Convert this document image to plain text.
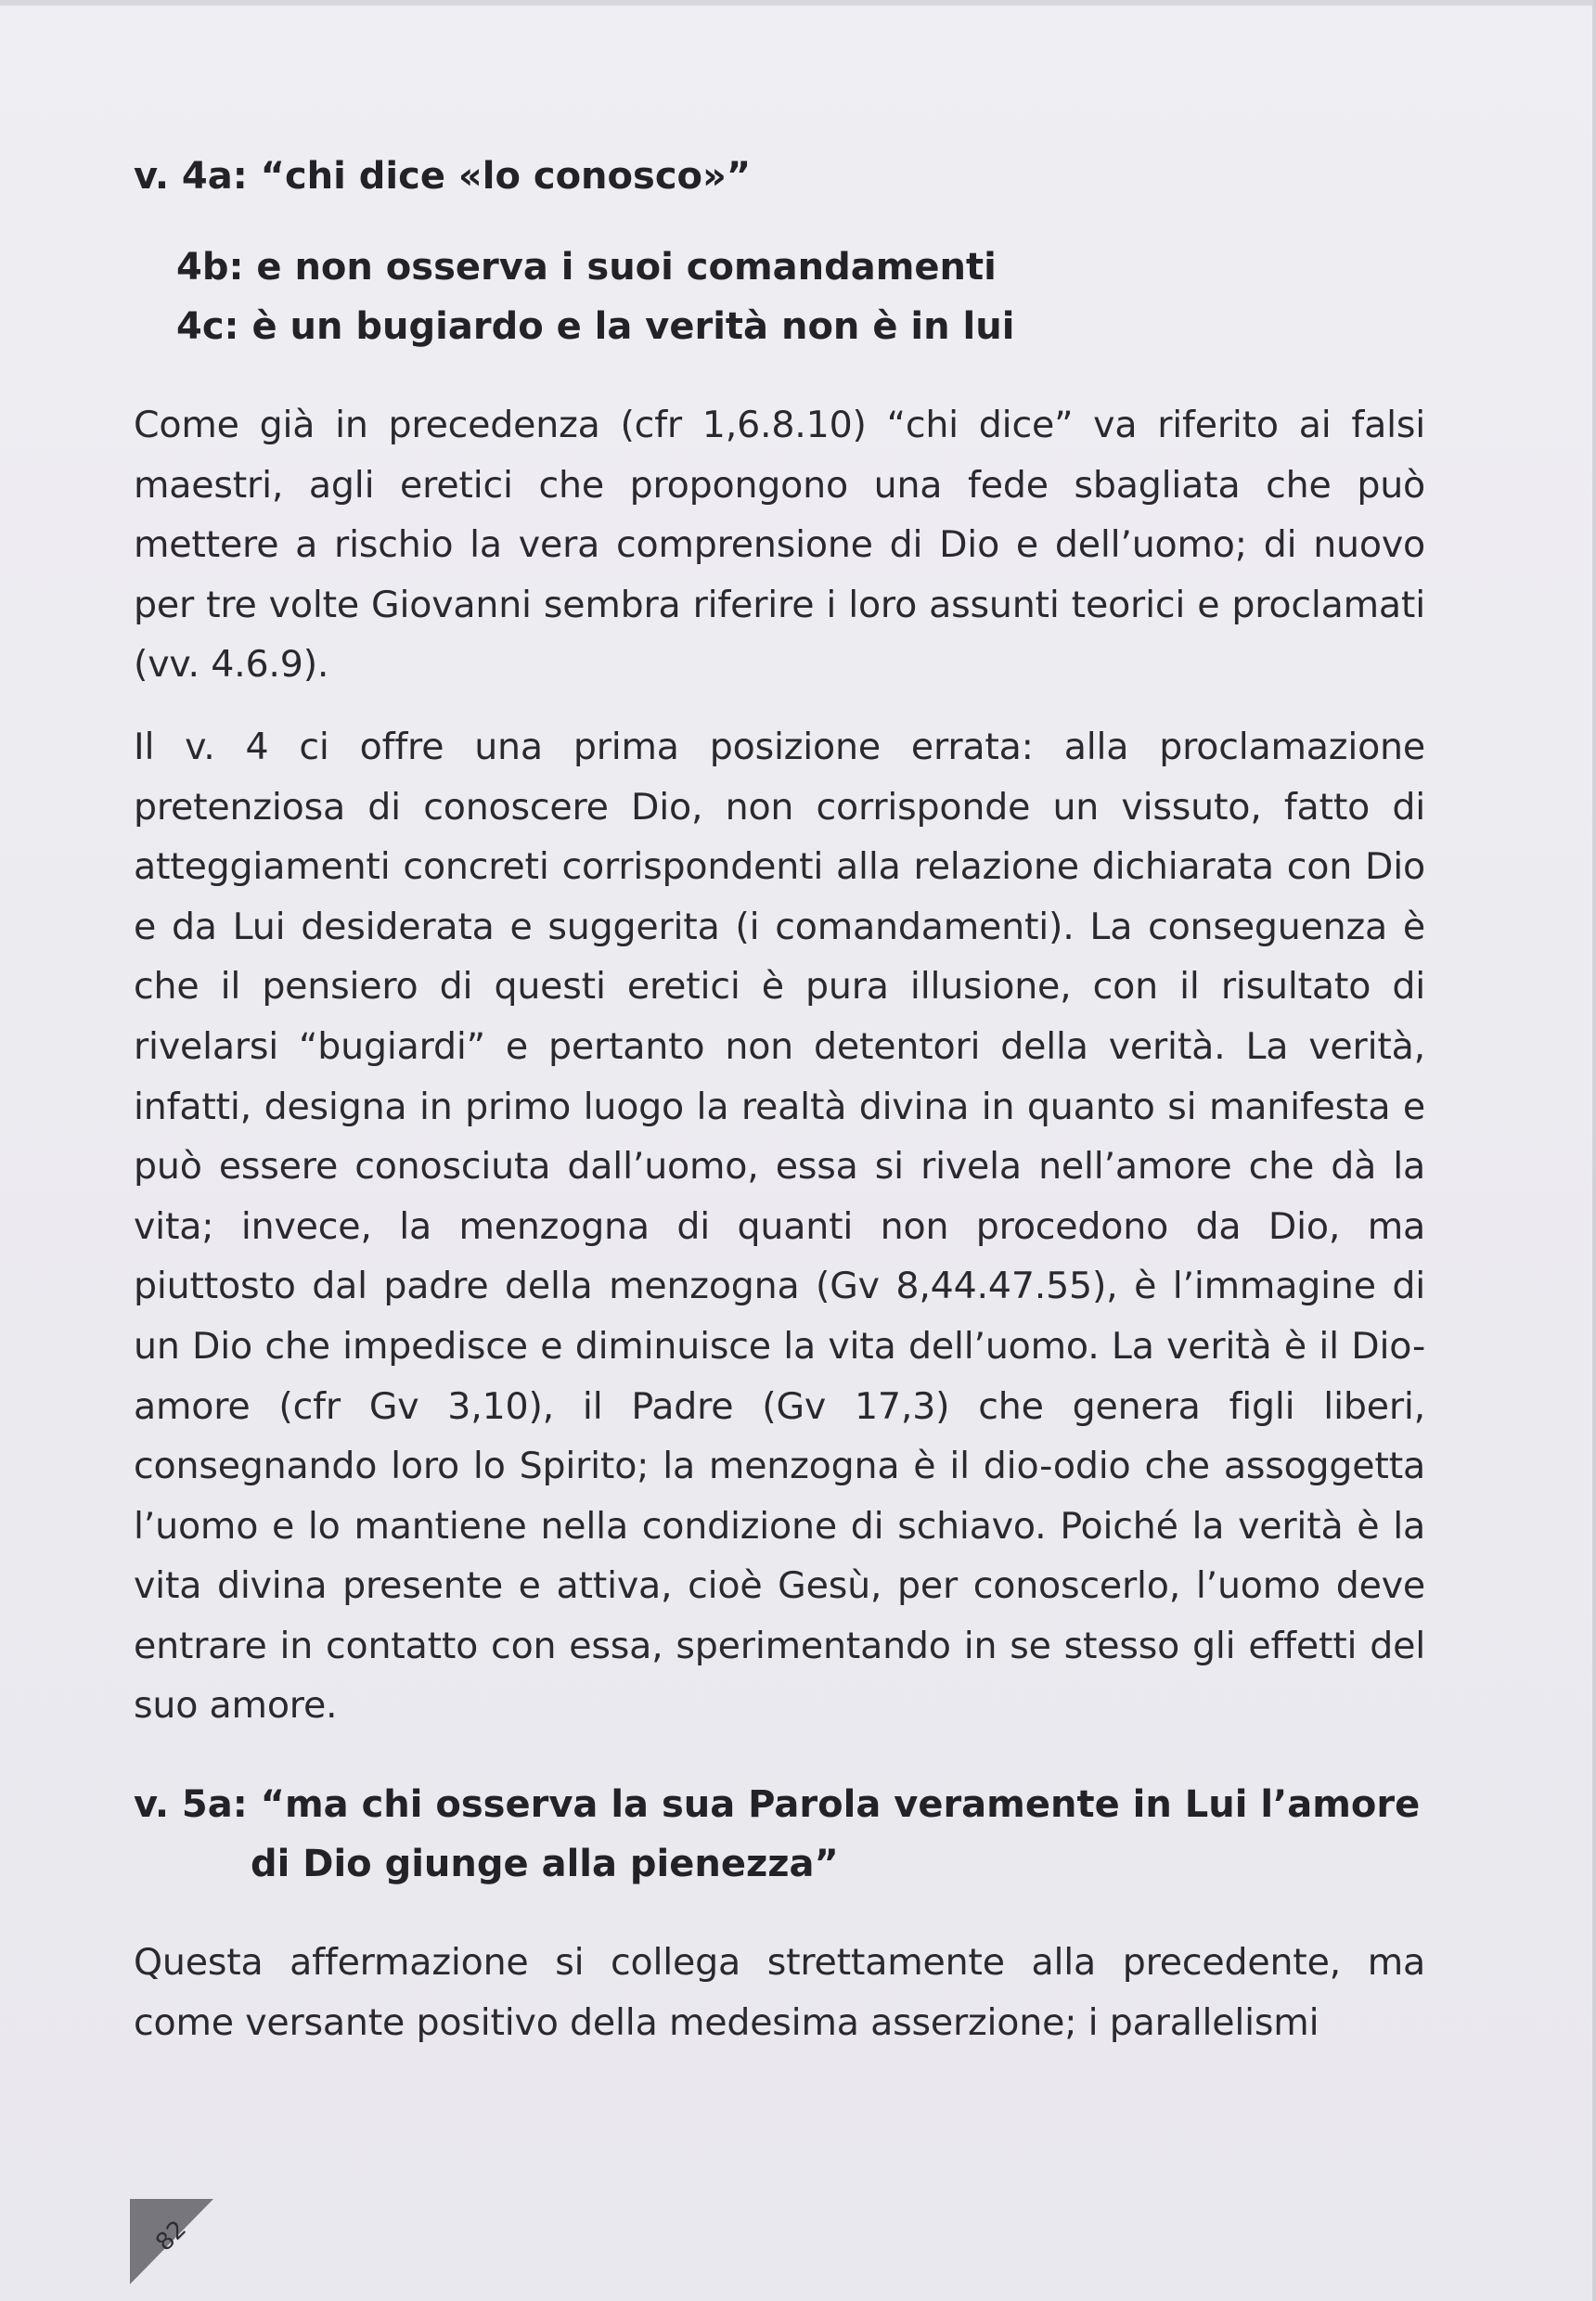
v. 4a: “chi dice «lo conosco»”

4b: e non osserva i suoi comandamenti

4c: è un bugiardo e la verità non è in lui

Come già in precedenza (cfr 1,6.8.10) “chi dice” va riferito ai falsi maestri, agli eretici che propongono una fede sbagliata che può mettere a rischio la vera comprensione di Dio e dell’uomo; di nuovo per tre volte Giovanni sembra riferire i loro assunti teorici e proclamati (vv. 4.6.9).

Il v. 4 ci offre una prima posizione errata: alla proclamazione pretenziosa di conoscere Dio, non corrisponde un vissuto, fatto di atteggiamenti concreti corrispondenti alla relazione dichiarata con Dio e da Lui desiderata e suggerita (i comandamenti). La conseguenza è che il pensiero di questi eretici è pura illusione, con il risultato di rivelarsi “bugiardi” e pertanto non detentori della verità. La verità, infatti, designa in primo luogo la realtà divina in quanto si manifesta e può essere conosciuta dall’uomo, essa si rivela nell’amore che dà la vita; invece, la menzogna di quanti non procedono da Dio, ma piuttosto dal padre della menzogna (Gv 8,44.47.55), è l’immagine di un Dio che impedisce e diminuisce la vita dell’uomo. La verità è il Dio-amore (cfr Gv 3,10), il Padre (Gv 17,3) che genera figli liberi, consegnando loro lo Spirito; la menzogna è il dio-odio che assoggetta l’uomo e lo mantiene nella condizione di schiavo. Poiché la verità è la vita divina presente e attiva, cioè Gesù, per conoscerlo, l’uomo deve entrare in contatto con essa, sperimentando in se stesso gli effetti del suo amore.

v. 5a: “ma chi osserva la sua Parola veramente in Lui l’amore di Dio giunge alla pienezza”

Questa affermazione si collega strettamente alla precedente, ma come versante positivo della medesima asserzione; i parallelismi

82
